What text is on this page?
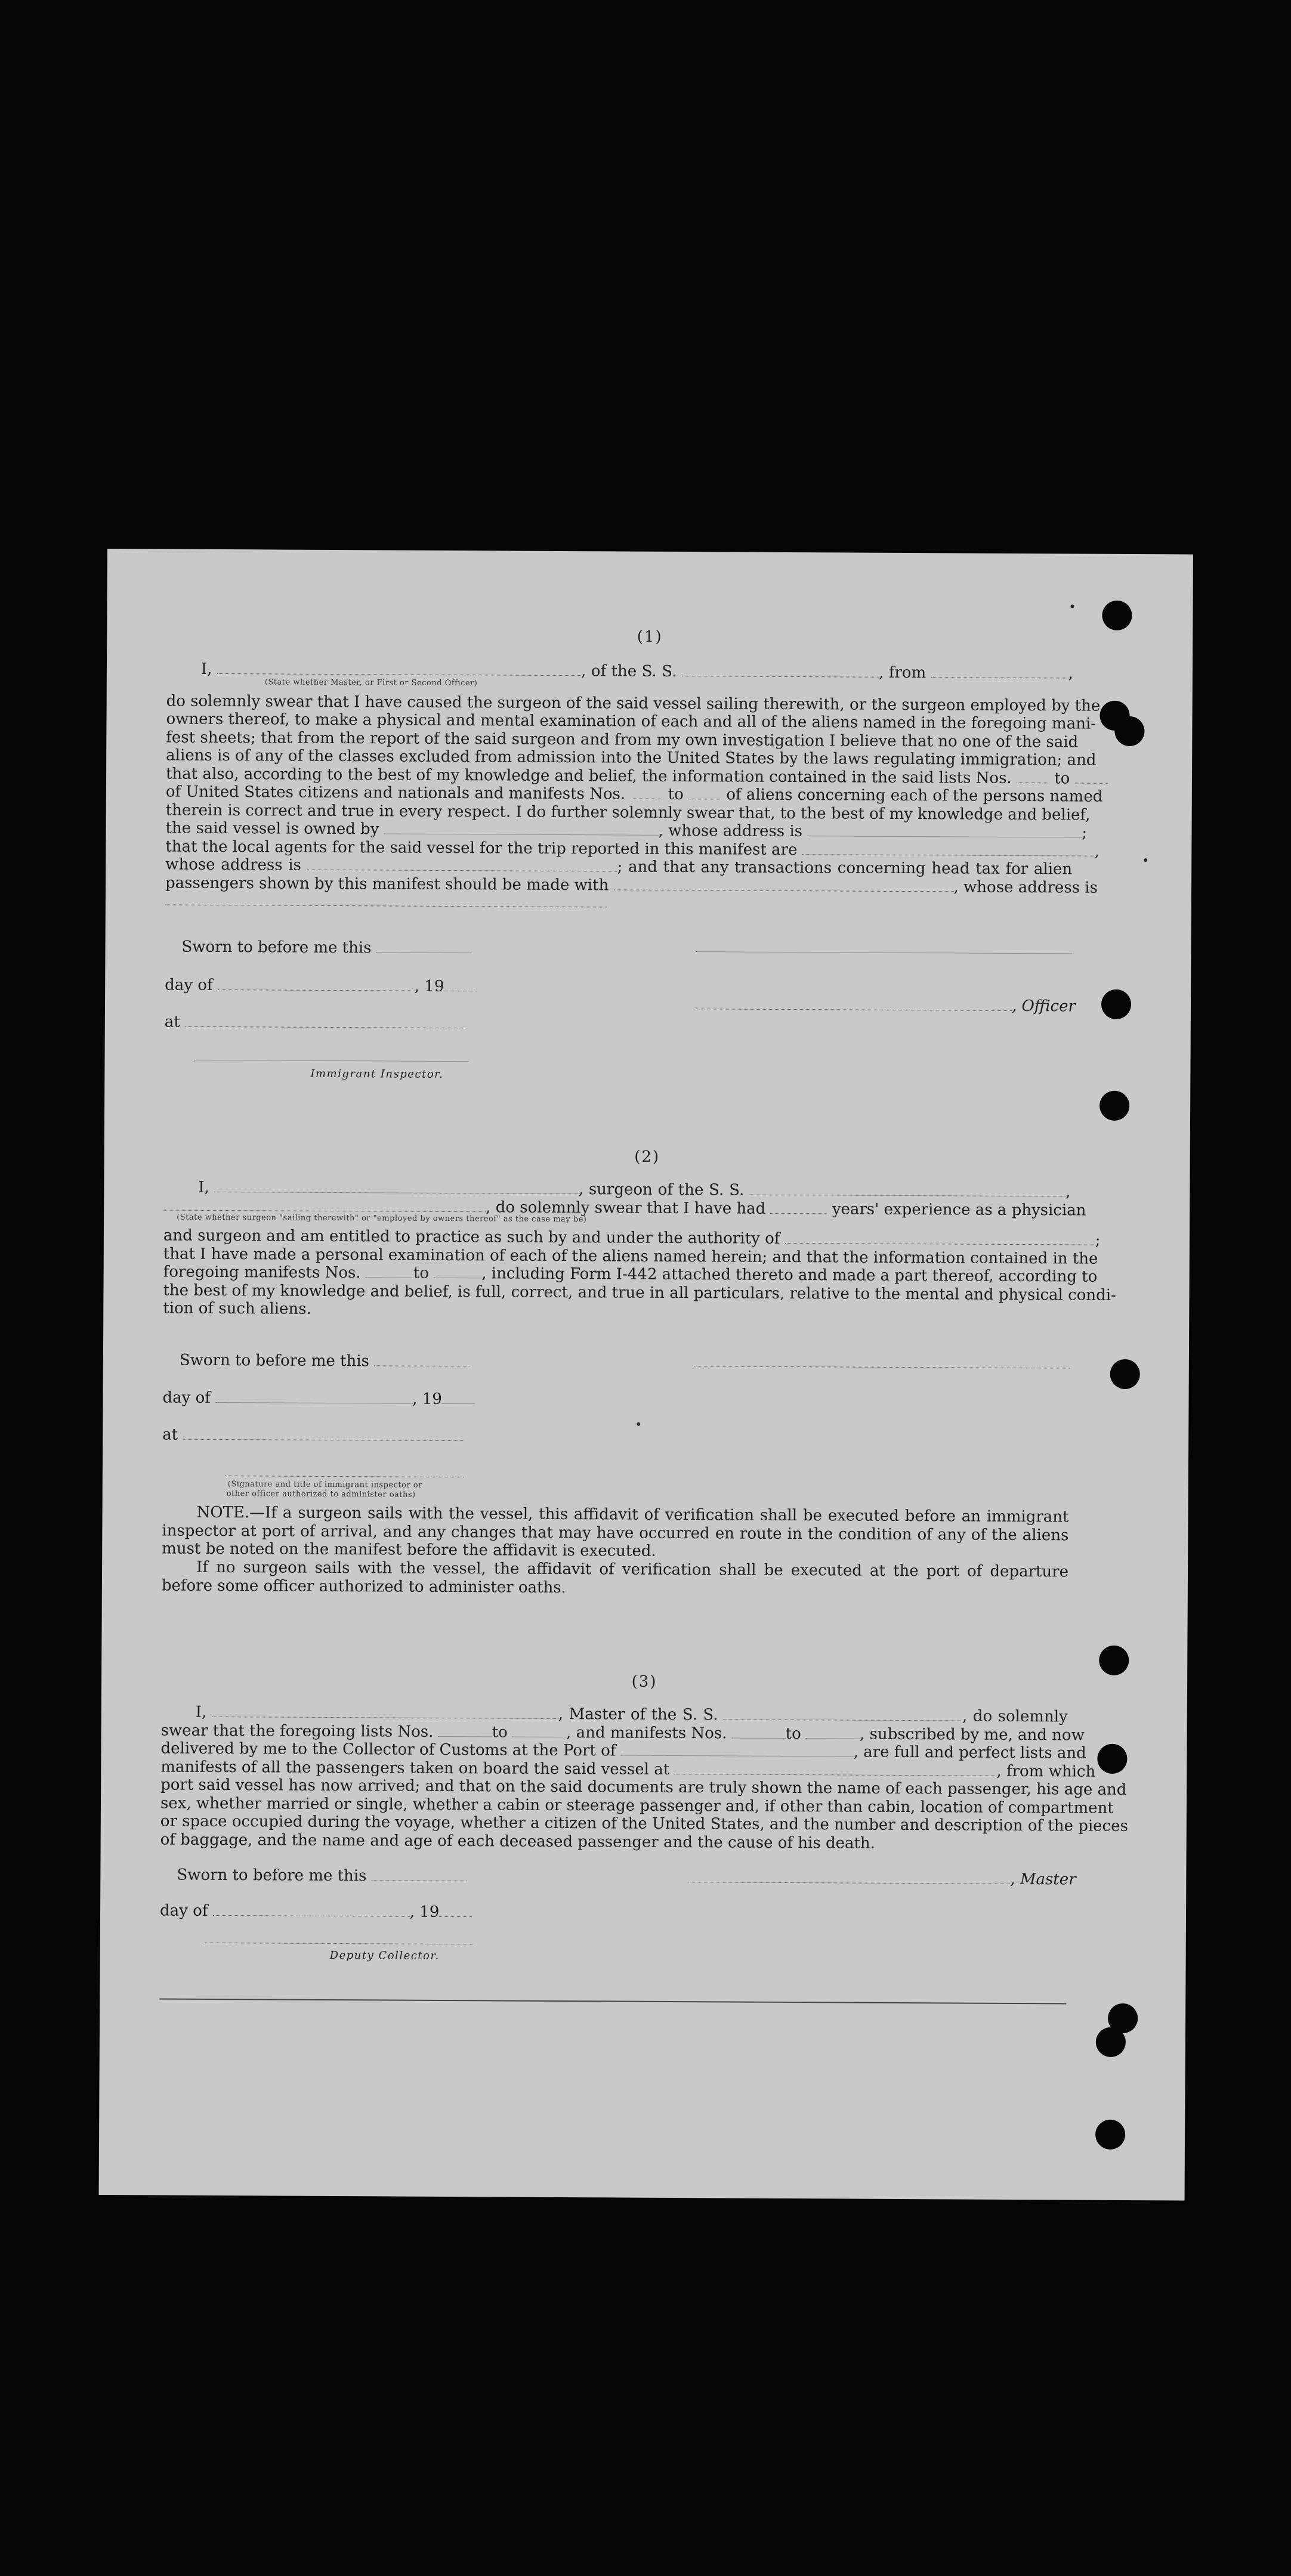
(1)
I,	, of the S. S.	, from	,
(State whether Master, or First or Second Officer)
do solemnly swear that I have caused the surgeon of the said vessel sailing therewith, or the surgeon employed by the
owners thereof, to make a physical and mental examination of each and all of the aliens named in the foregoing mani-
fest sheets; that from the report of the said surgeon and from my own investigation I believe that no one of the said
aliens is of any of the classes excluded from admission into the United States by the laws regulating immigration; and
that also, according to the best of my knowledge and belief, the information contained in the said lists Nos.	to
of United States citizens and nationals and manifests Nos.	to	of aliens concerning each of the persons named
therein is correct and true in every respect. I do further solemnly swear that, to the best of my knowledge and belief,
the said vessel is owned by	, whose address is	;
that the local agents for the said vessel for the trip reported in this manifest are	,
whose address is	; and that any transactions concerning head tax for alien
passengers shown by this manifest should be made with	, whose address is
Sworn to before me this
day of	, 19
, Officer
at
Immigrant Inspector.
(2)
I,	, surgeon of the S. S.	,
, do solemnly swear that I have had	years' experience as a physician
(State whether surgeon "sailing therewith" or "employed by owners thereof" as the case may be)
and surgeon and am entitled to practice as such by and under the authority of	;
that I have made a personal examination of each of the aliens named herein; and that the information contained in the
foregoing manifests Nos.	to	, including Form I-442 attached thereto and made a part thereof, according to
the best of my knowledge and belief, is full, correct, and true in all particulars, relative to the mental and physical condi-
tion of such aliens.
Sworn to before me this
day of	, 19
at
(Signature and title of immigrant inspector or
other officer authorized to administer oaths)

NOTE.—If a surgeon sails with the vessel, this affidavit of verification shall be executed before an immigrant inspector at port of arrival, and any changes that may have occurred en route in the condition of any of the aliens must be noted on the manifest before the affidavit is executed.

If no surgeon sails with the vessel, the affidavit of verification shall be executed at the port of departure before some officer authorized to administer oaths.

(3)
I,	, Master of the S. S.	, do solemnly
swear that the foregoing lists Nos.	to	, and manifests Nos.	to	, subscribed by me, and now
delivered by me to the Collector of Customs at the Port of	, are full and perfect lists and
manifests of all the passengers taken on board the said vessel at	, from which
port said vessel has now arrived; and that on the said documents are truly shown the name of each passenger, his age and
sex, whether married or single, whether a cabin or steerage passenger and, if other than cabin, location of compartment
or space occupied during the voyage, whether a citizen of the United States, and the number and description of the pieces
of baggage, and the name and age of each deceased passenger and the cause of his death.
Sworn to before me this	, Master
day of	, 19
Deputy Collector.
